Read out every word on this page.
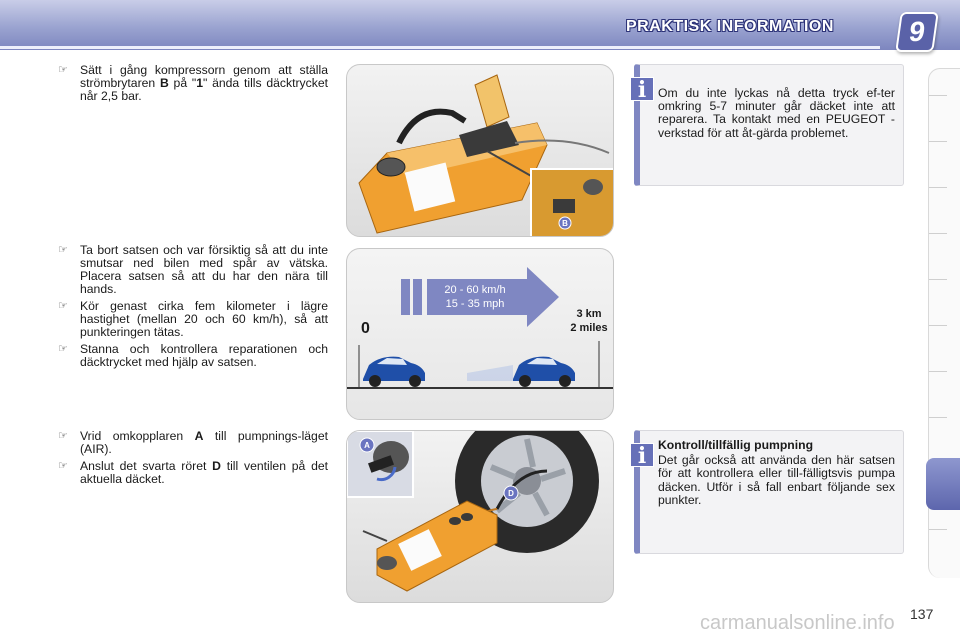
PRAKTISK INFORMATION	9
☞ Sätt i gång kompressorn genom att ställa strömbrytaren B på "1" ända tills däcktrycket når 2,5 bar.
☞ Ta bort satsen och var försiktig så att du inte smutsar ned bilen med spår av vätska. Placera satsen så att du har den nära till hands.
☞ Kör genast cirka fem kilometer i lägre hastighet (mellan 20 och 60 km/h), så att punkteringen tätas.
☞ Stanna och kontrollera reparationen och däcktrycket med hjälp av satsen.
☞ Vrid omkopplaren A till pumpnings-läget (AIR).
☞ Anslut det svarta röret D till ventilen på det aktuella däcket.
B
20 - 60 km/h
15 - 35 mph
0
3 km
2 miles
D
A
i Om du inte lyckas nå detta tryck ef-ter omkring 5-7 minuter går däcket inte att reparera. Ta kontakt med en PEUGEOT -verkstad för att åt-gärda problemet.
i Kontroll/tillfällig pumpning
Det går också att använda den här satsen för att kontrollera eller till-fälligtsvis pumpa däcken. Utför i så fall enbart följande sex punkter.
carmanualsonline.info 137
